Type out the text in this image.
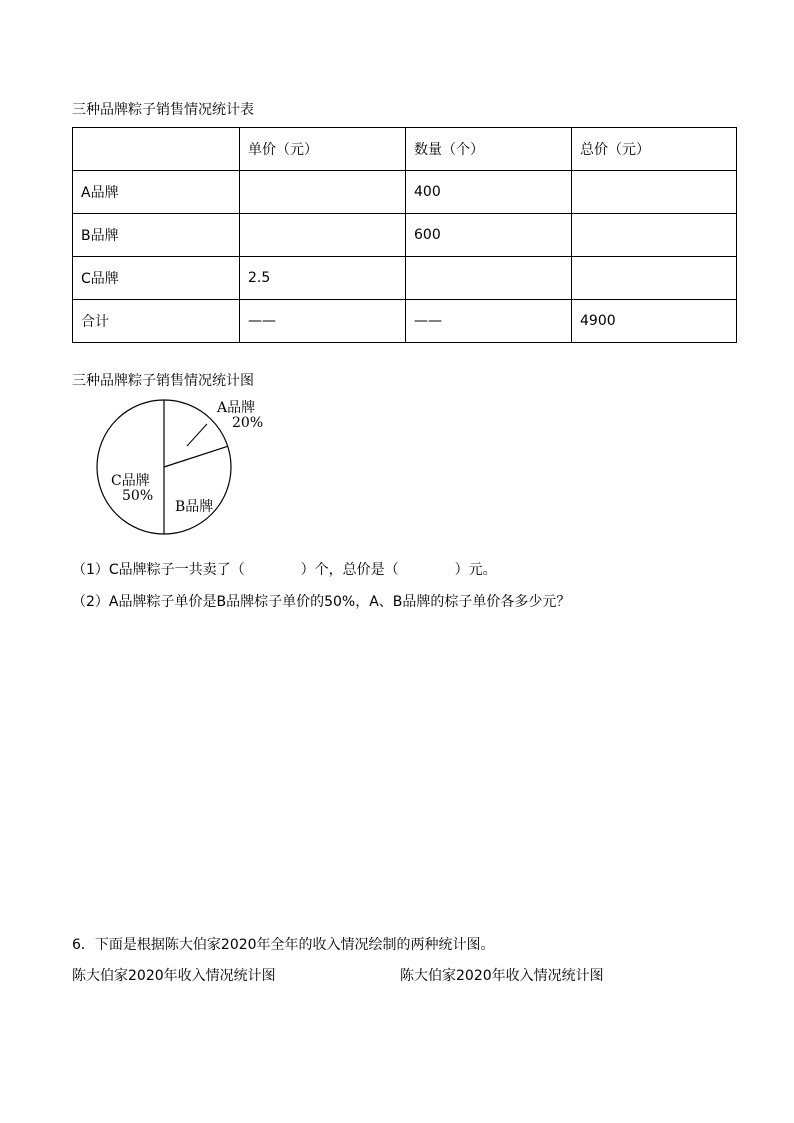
三种品牌粽子销售情况统计表
	单价（元）	数量（个）	总价（元）
A品牌		400	
B品牌		600	
C品牌	2.5		
合计	——	——	4900
三种品牌粽子销售情况统计图
A品牌
20%
C品牌
50%
B品牌
（1）C品牌粽子一共卖了（　　　　）个，总价是（　　　　）元。
（2）A品牌粽子单价是B品牌棕子单价的50%，A、B品牌的棕子单价各多少元？
6．下面是根据陈大伯家2020年全年的收入情况绘制的两种统计图。
陈大伯家2020年收入情况统计图	陈大伯家2020年收入情况统计图
